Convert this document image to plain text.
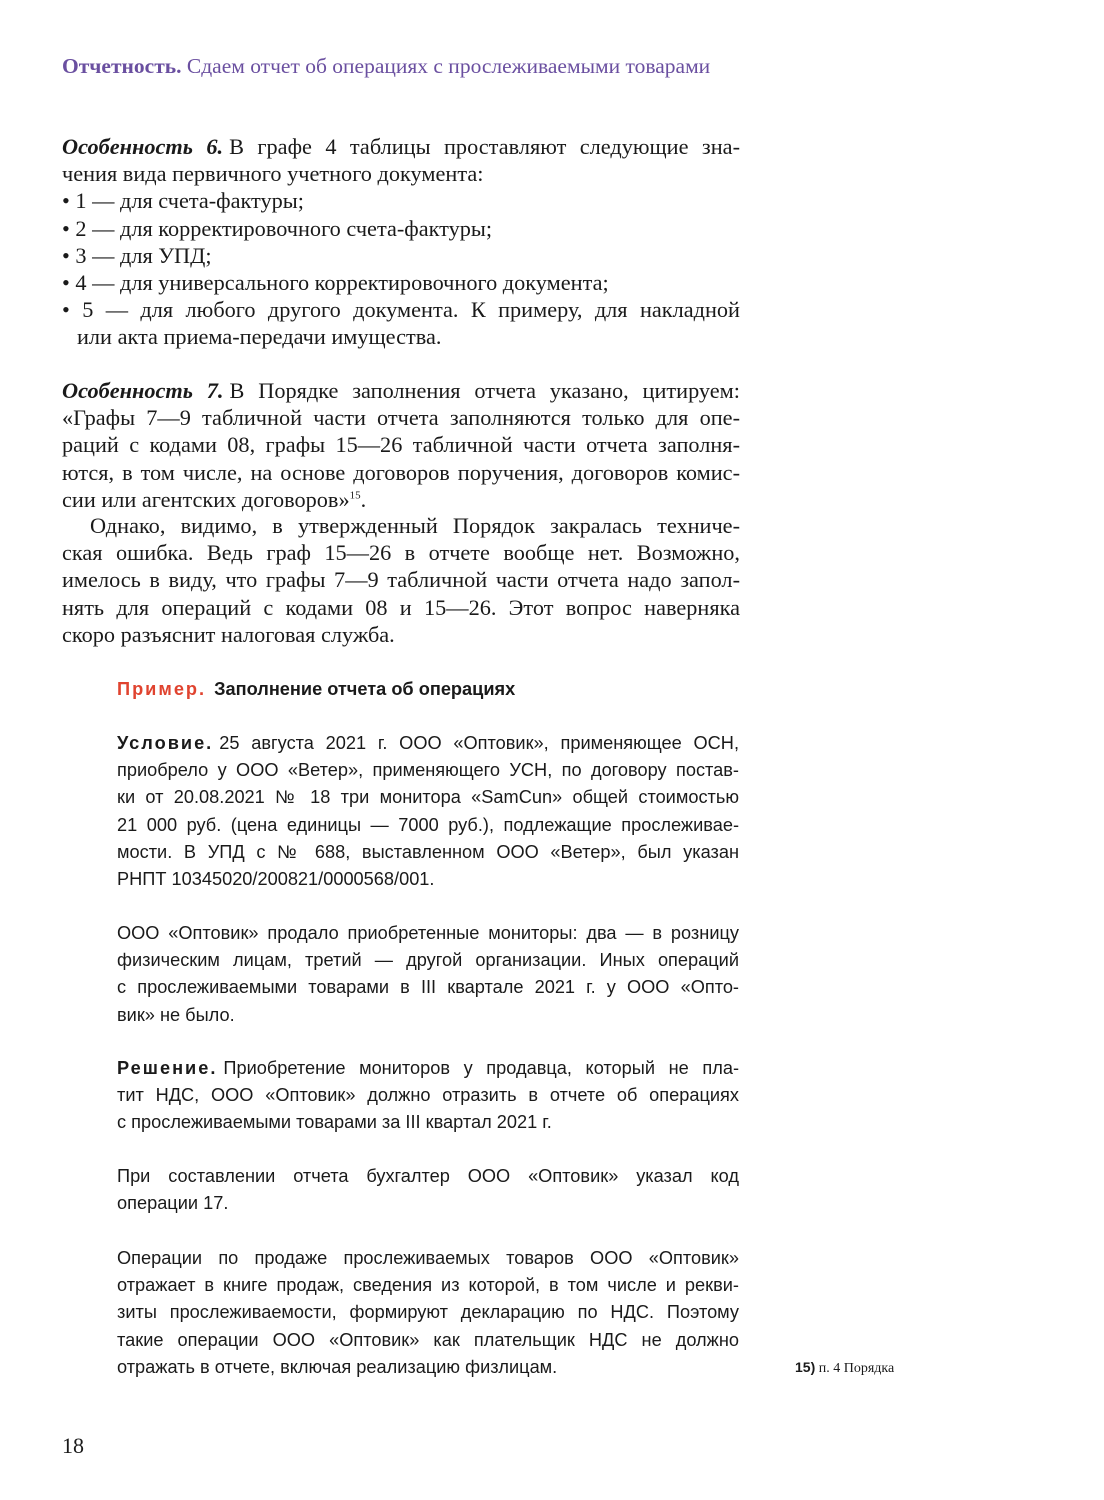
Отчетность. Сдаем отчет об операциях с прослеживаемыми товарами
Особенность 6. В графе 4 таблицы проставляют следующие зна-
чения вида первичного учетного документа:
• 1 — для счета-фактуры;
• 2 — для корректировочного счета-фактуры;
• 3 — для УПД;
• 4 — для универсального корректировочного документа;
• 5 — для любого другого документа. К примеру, для накладной
или акта приема-передачи имущества.
Особенность 7. В Порядке заполнения отчета указано, цитируем:
«Графы 7—9 табличной части отчета заполняются только для опе-
раций с кодами 08, графы 15—26 табличной части отчета заполня-
ются, в том числе, на основе договоров поручения, договоров комис-
сии или агентских договоров»$^{15}$.
Однако, видимо, в утвержденный Порядок закралась техниче-
ская ошибка. Ведь граф 15—26 в отчете вообще нет. Возможно,
имелось в виду, что графы 7—9 табличной части отчета надо запол-
нять для операций с кодами 08 и 15—26. Этот вопрос наверняка
скоро разъяснит налоговая служба.
Пример. Заполнение отчета об операциях
Условие. 25 августа 2021 г. ООО «Оптовик», применяющее ОСН,
приобрело у ООО «Ветер», применяющего УСН, по договору постав-
ки от 20.08.2021 № 18 три монитора «SamCun» общей стоимостью
21 000 руб. (цена единицы — 7000 руб.), подлежащие прослеживае-
мости. В УПД с № 688, выставленном ООО «Ветер», был указан
РНПТ 10345020/200821/0000568/001.
ООО «Оптовик» продало приобретенные мониторы: два — в розницу
физическим лицам, третий — другой организации. Иных операций
с прослеживаемыми товарами в III квартале 2021 г. у ООО «Опто-
вик» не было.
Решение. Приобретение мониторов у продавца, который не пла-
тит НДС, ООО «Оптовик» должно отразить в отчете об операциях
с прослеживаемыми товарами за III квартал 2021 г.
При составлении отчета бухгалтер ООО «Оптовик» указал код
операции 17.
Операции по продаже прослеживаемых товаров ООО «Оптовик»
отражает в книге продаж, сведения из которой, в том числе и рекви-
зиты прослеживаемости, формируют декларацию по НДС. Поэтому
такие операции ООО «Оптовик» как плательщик НДС не должно
отражать в отчете, включая реализацию физлицам.	15) п. 4 Порядка
18
